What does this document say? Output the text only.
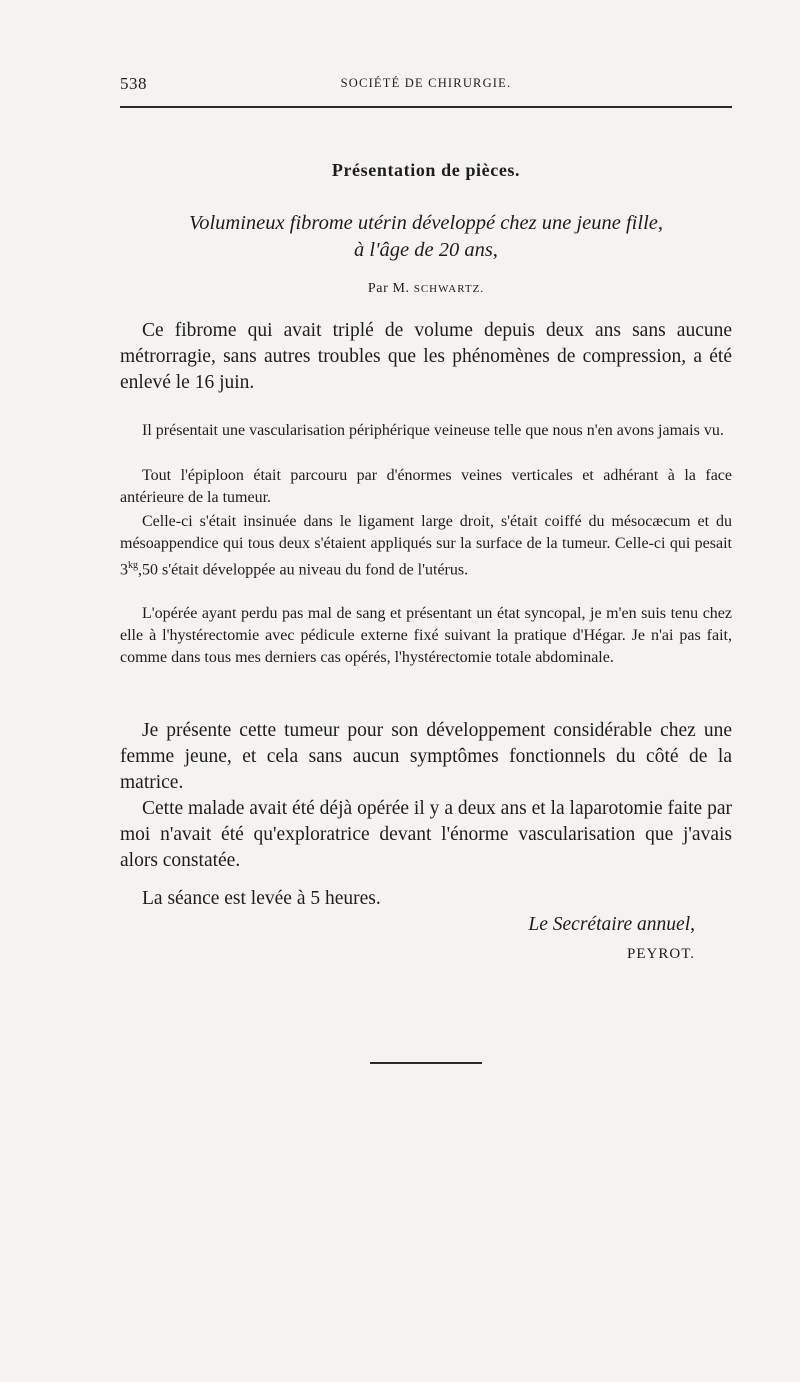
538	SOCIÉTÉ DE CHIRURGIE.
Présentation de pièces.
Volumineux fibrome utérin développé chez une jeune fille,
à l'âge de 20 ans,
Par M. SCHWARTZ.

Ce fibrome qui avait triplé de volume depuis deux ans sans aucune métrorragie, sans autres troubles que les phénomènes de compression, a été enlevé le 16 juin.

Il présentait une vascularisation périphérique veineuse telle que nous n'en avons jamais vu.

Tout l'épiploon était parcouru par d'énormes veines verticales et adhérant à la face antérieure de la tumeur.

Celle-ci s'était insinuée dans le ligament large droit, s'était coiffé du mésocæcum et du mésoappendice qui tous deux s'étaient appliqués sur la surface de la tumeur. Celle-ci qui pesait $3^{kg},50$ s'était développée au niveau du fond de l'utérus.

L'opérée ayant perdu pas mal de sang et présentant un état syncopal, je m'en suis tenu chez elle à l'hystérectomie avec pédicule externe fixé suivant la pratique d'Hégar. Je n'ai pas fait, comme dans tous mes derniers cas opérés, l'hystérectomie totale abdominale.

Je présente cette tumeur pour son développement considérable chez une femme jeune, et cela sans aucun symptômes fonctionnels du côté de la matrice.

Cette malade avait été déjà opérée il y a deux ans et la laparotomie faite par moi n'avait été qu'exploratrice devant l'énorme vascularisation que j'avais alors constatée.

La séance est levée à 5 heures.

Le Secrétaire annuel,
PEYROT.
